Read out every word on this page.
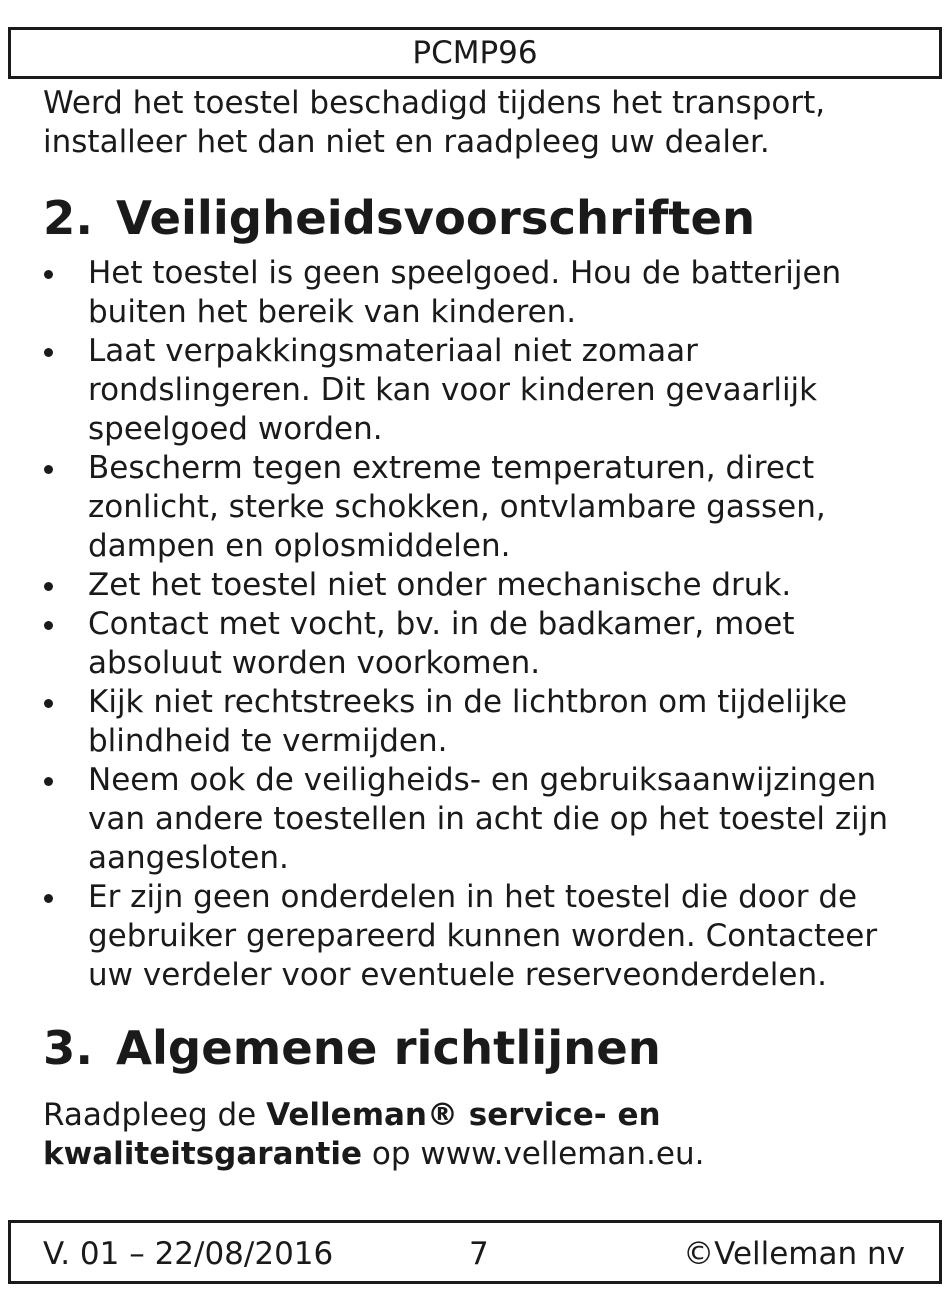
PCMP96

Werd het toestel beschadigd tijdens het transport, installeer het dan niet en raadpleeg uw dealer.

2. Veiligheidsvoorschriften
Het toestel is geen speelgoed. Hou de batterijen buiten het bereik van kinderen.
Laat verpakkingsmateriaal niet zomaar rondslingeren. Dit kan voor kinderen gevaarlijk speelgoed worden.
Bescherm tegen extreme temperaturen, direct zonlicht, sterke schokken, ontvlambare gassen, dampen en oplosmiddelen.
Zet het toestel niet onder mechanische druk.
Contact met vocht, bv. in de badkamer, moet absoluut worden voorkomen.
Kijk niet rechtstreeks in de lichtbron om tijdelijke blindheid te vermijden.
Neem ook de veiligheids- en gebruiksaanwijzingen van andere toestellen in acht die op het toestel zijn aangesloten.
Er zijn geen onderdelen in het toestel die door de gebruiker gerepareerd kunnen worden. Contacteer uw verdeler voor eventuele reserveonderdelen.
3. Algemene richtlijnen

Raadpleeg de Velleman® service- en kwaliteitsgarantie op www.velleman.eu.

V. 01 – 22/08/2016	7	©Velleman nv
